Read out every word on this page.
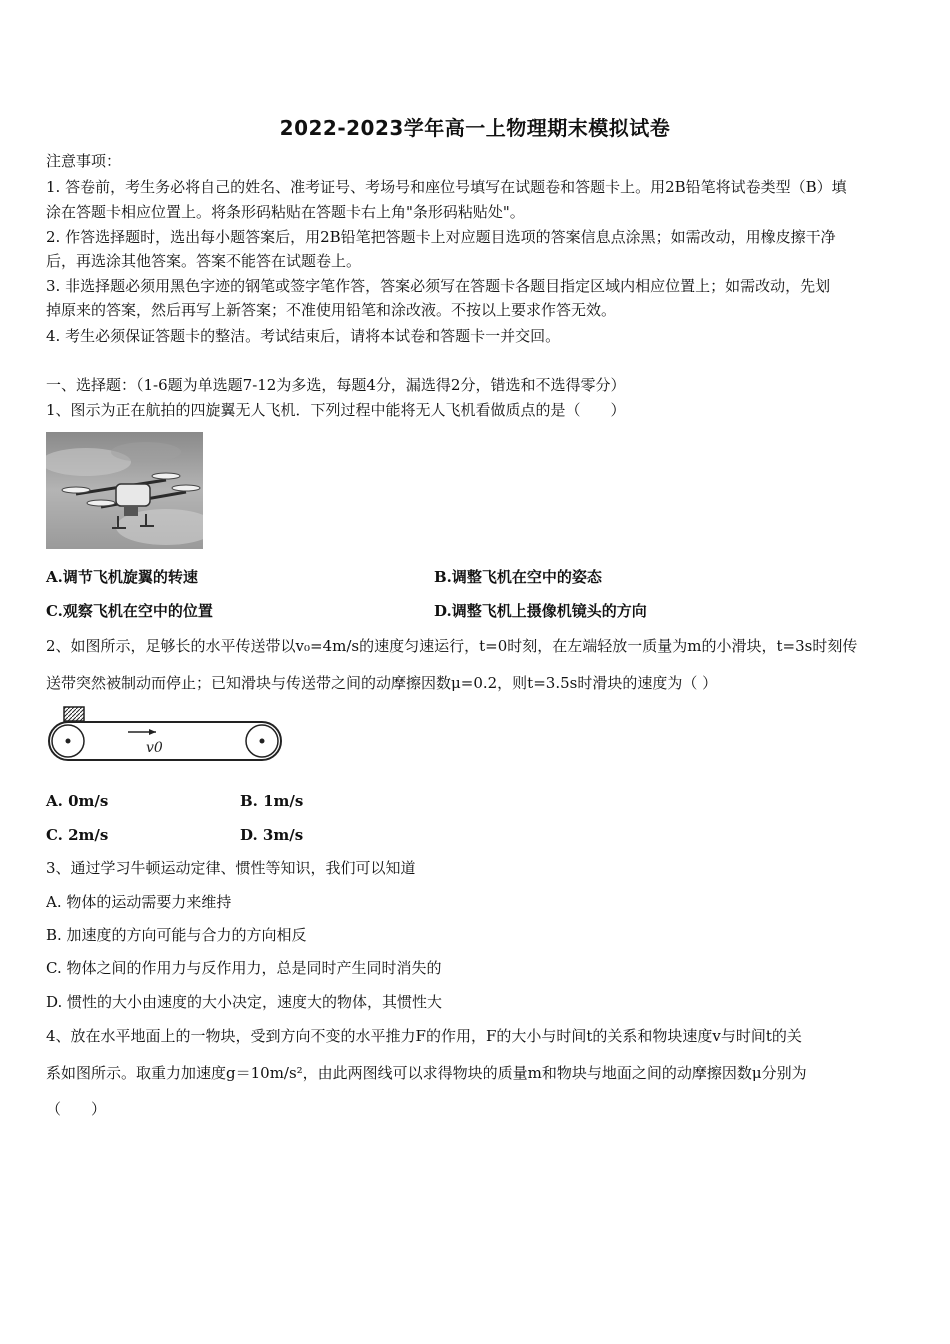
2022-2023学年高一上物理期末模拟试卷
注意事项：
1. 答卷前，考生务必将自己的姓名、准考证号、考场号和座位号填写在试题卷和答题卡上。用2B铅笔将试卷类型（B）填
涂在答题卡相应位置上。将条形码粘贴在答题卡右上角"条形码粘贴处"。
2. 作答选择题时，选出每小题答案后，用2B铅笔把答题卡上对应题目选项的答案信息点涂黑；如需改动，用橡皮擦干净
后，再选涂其他答案。答案不能答在试题卷上。
3. 非选择题必须用黑色字迹的钢笔或签字笔作答，答案必须写在答题卡各题目指定区域内相应位置上；如需改动，先划
掉原来的答案，然后再写上新答案；不准使用铅笔和涂改液。不按以上要求作答无效。
4. 考生必须保证答题卡的整洁。考试结束后，请将本试卷和答题卡一并交回。
一、选择题：（1-6题为单选题7-12为多选，每题4分，漏选得2分，错选和不选得零分）
1、图示为正在航拍的四旋翼无人飞机．下列过程中能将无人飞机看做质点的是（　　）
A.调节飞机旋翼的转速	B.调整飞机在空中的姿态
C.观察飞机在空中的位置	D.调整飞机上摄像机镜头的方向
2、如图所示，足够长的水平传送带以v₀=4m/s的速度匀速运行，t=0时刻，在左端轻放一质量为m的小滑块，t=3s时刻传
送带突然被制动而停止；已知滑块与传送带之间的动摩擦因数μ=0.2，则t=3.5s时滑块的速度为（ ）
v0
A. 0m/s	B. 1m/s
C. 2m/s	D. 3m/s
3、通过学习牛顿运动定律、惯性等知识，我们可以知道
A. 物体的运动需要力来维持
B. 加速度的方向可能与合力的方向相反
C. 物体之间的作用力与反作用力，总是同时产生同时消失的
D. 惯性的大小由速度的大小决定，速度大的物体，其惯性大
4、放在水平地面上的一物块，受到方向不变的水平推力F的作用，F的大小与时间t的关系和物块速度v与时间t的关
系如图所示。取重力加速度g＝10m/s²，由此两图线可以求得物块的质量m和物块与地面之间的动摩擦因数μ分别为
（　　）
